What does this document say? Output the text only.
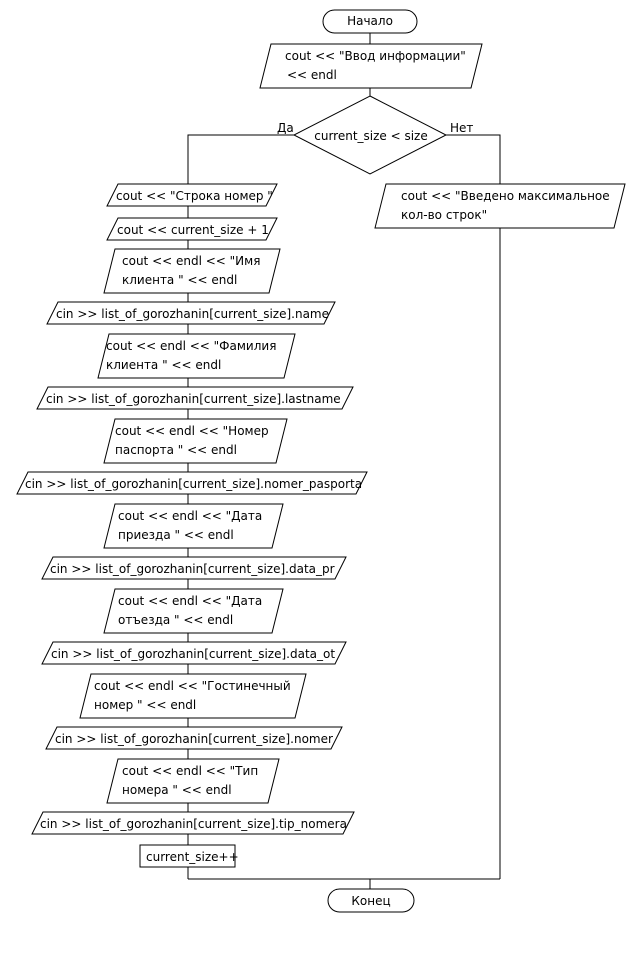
Начало
cout << "Ввод информации"
<< endl
current_size < size
Да	Нет
cout << "Введено максимальное
кол-во строк"
cout << "Строка номер "
cout << current_size + 1
cout << endl << "Имя
клиента " << endl
cin >> list_of_gorozhanin[current_size].name
cout << endl << "Фамилия
клиента " << endl
cin >> list_of_gorozhanin[current_size].lastname
cout << endl << "Номер
паспорта " << endl
cin >> list_of_gorozhanin[current_size].nomer_pasporta
cout << endl << "Дата
приезда " << endl
cin >> list_of_gorozhanin[current_size].data_pr
cout << endl << "Дата
отъезда " << endl
cin >> list_of_gorozhanin[current_size].data_ot
cout << endl << "Гостинечный
номер " << endl
cin >> list_of_gorozhanin[current_size].nomer
cout << endl << "Тип
номера " << endl
cin >> list_of_gorozhanin[current_size].tip_nomera
current_size++
Конец
